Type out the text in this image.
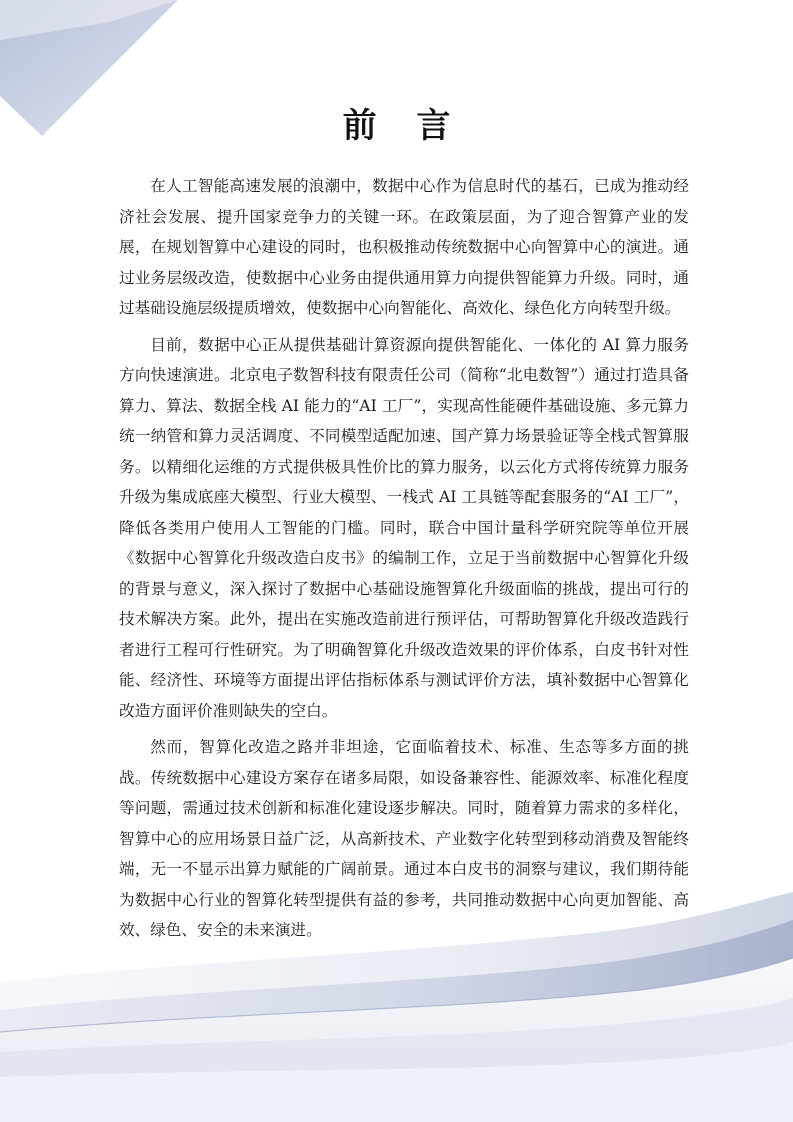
前 言

在人工智能高速发展的浪潮中，数据中心作为信息时代的基石，已成为推动经济社会发展、提升国家竞争力的关键一环。在政策层面，为了迎合智算产业的发展，在规划智算中心建设的同时，也积极推动传统数据中心向智算中心的演进。通过业务层级改造，使数据中心业务由提供通用算力向提供智能算力升级。同时，通过基础设施层级提质增效，使数据中心向智能化、高效化、绿色化方向转型升级。

目前，数据中心正从提供基础计算资源向提供智能化、一体化的 AI 算力服务方向快速演进。北京电子数智科技有限责任公司（简称“北电数智”）通过打造具备算力、算法、数据全栈 AI 能力的“AI 工厂”，实现高性能硬件基础设施、多元算力统一纳管和算力灵活调度、不同模型适配加速、国产算力场景验证等全栈式智算服务。以精细化运维的方式提供极具性价比的算力服务，以云化方式将传统算力服务升级为集成底座大模型、行业大模型、一栈式 AI 工具链等配套服务的“AI 工厂”，降低各类用户使用人工智能的门槛。同时，联合中国计量科学研究院等单位开展《数据中心智算化升级改造白皮书》的编制工作，立足于当前数据中心智算化升级的背景与意义，深入探讨了数据中心基础设施智算化升级面临的挑战，提出可行的技术解决方案。此外，提出在实施改造前进行预评估，可帮助智算化升级改造践行者进行工程可行性研究。为了明确智算化升级改造效果的评价体系，白皮书针对性能、经济性、环境等方面提出评估指标体系与测试评价方法，填补数据中心智算化改造方面评价准则缺失的空白。

然而，智算化改造之路并非坦途，它面临着技术、标准、生态等多方面的挑战。传统数据中心建设方案存在诸多局限，如设备兼容性、能源效率、标准化程度等问题，需通过技术创新和标准化建设逐步解决。同时，随着算力需求的多样化，智算中心的应用场景日益广泛，从高新技术、产业数字化转型到移动消费及智能终端，无一不显示出算力赋能的广阔前景。通过本白皮书的洞察与建议，我们期待能为数据中心行业的智算化转型提供有益的参考，共同推动数据中心向更加智能、高效、绿色、安全的未来演进。
